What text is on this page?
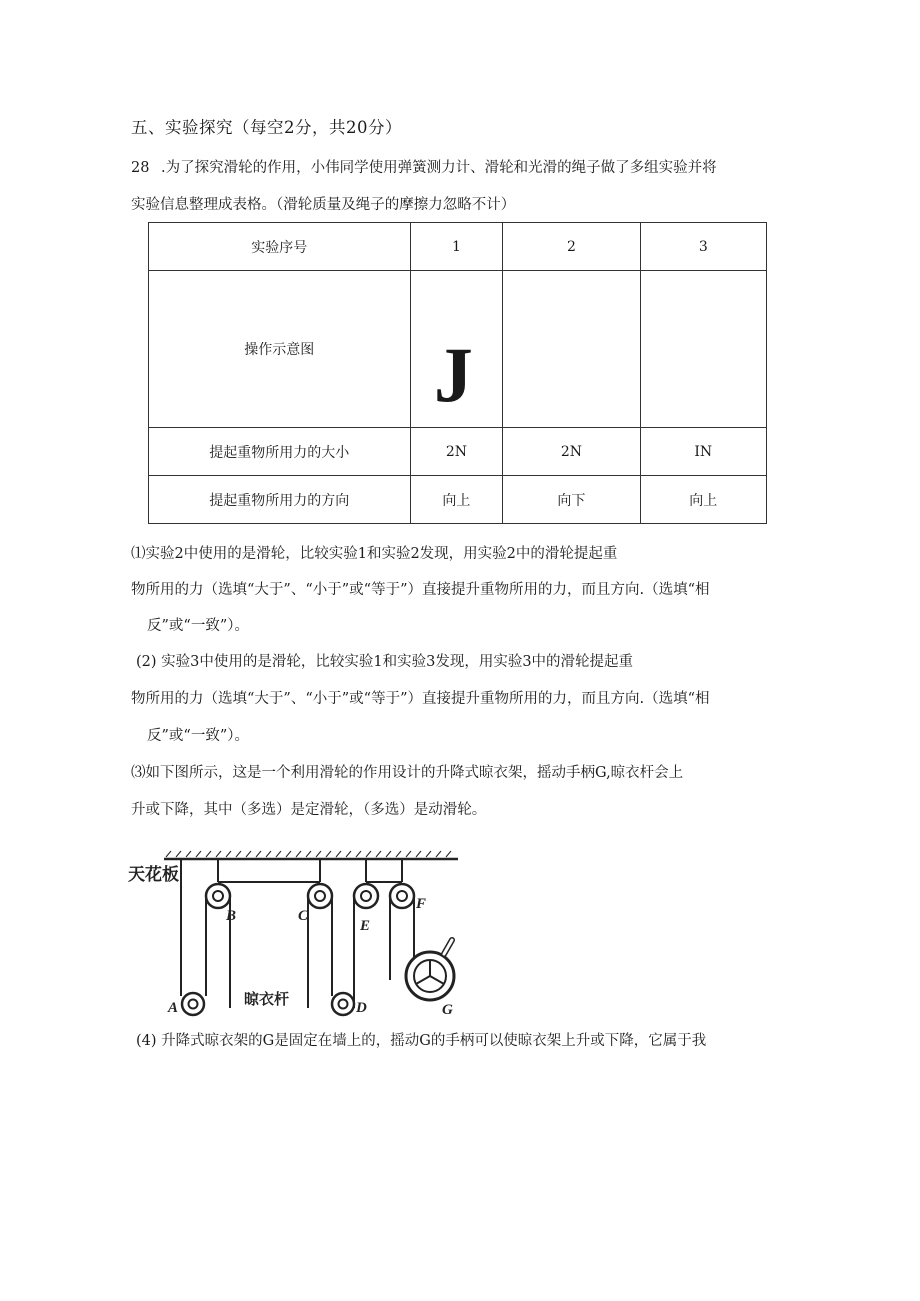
五、实验探究（每空2分，共20分）
28 .为了探究滑轮的作用，小伟同学使用弹簧测力计、滑轮和光滑的绳子做了多组实验并将
实验信息整理成表格。（滑轮质量及绳子的摩擦力忽略不计）
实验序号	1	2	3
操作示意图	J		
提起重物所用力的大小	2N	2N	IN
提起重物所用力的方向	向上	向下	向上
⑴实验2中使用的是滑轮，比较实验1和实验2发现，用实验2中的滑轮提起重
物所用的力（选填“大于”、“小于”或“等于”）直接提升重物所用的力，而且方向.（选填“相
反”或“一致”）。
(2) 实验3中使用的是滑轮，比较实验1和实验3发现，用实验3中的滑轮提起重
物所用的力（选填“大于”、“小于”或“等于”）直接提升重物所用的力，而且方向.（选填“相
反”或“一致”）。
⑶如下图所示，这是一个利用滑轮的作用设计的升降式晾衣架，摇动手柄G,晾衣杆会上
升或下降，其中（多选）是定滑轮，（多选）是动滑轮。
天花板
B	C
E
F
A	D
晾衣杆
G
(4) 升降式晾衣架的G是固定在墙上的，摇动G的手柄可以使晾衣架上升或下降，它属于我
